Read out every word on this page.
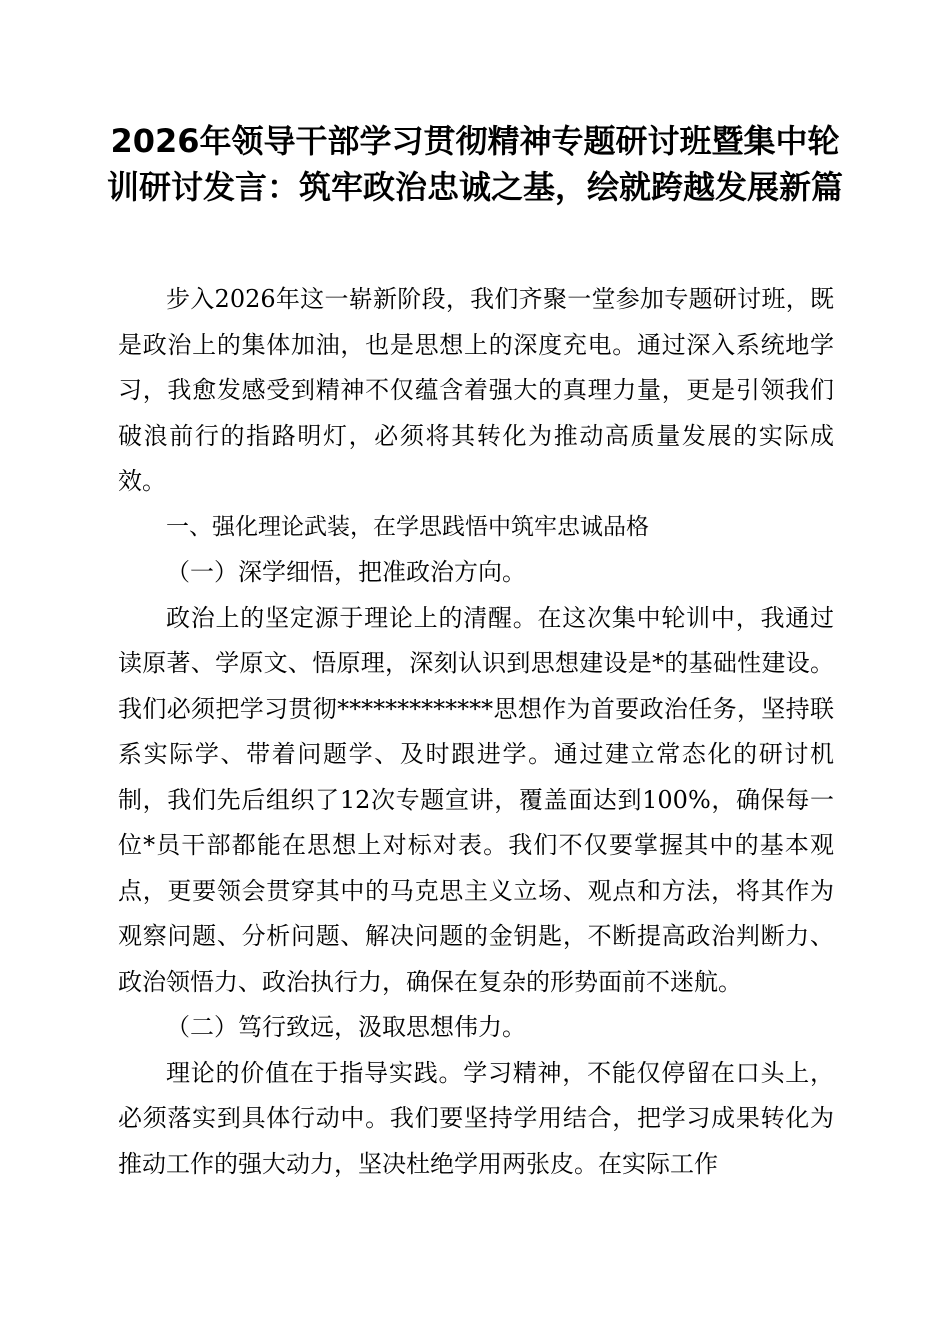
2026年领导干部学习贯彻精神专题研讨班暨集中轮训研讨发言：筑牢政治忠诚之基，绘就跨越发展新篇

步入2026年这一崭新阶段，我们齐聚一堂参加专题研讨班，既是政治上的集体加油，也是思想上的深度充电。通过深入系统地学习，我愈发感受到精神不仅蕴含着强大的真理力量，更是引领我们破浪前行的指路明灯，必须将其转化为推动高质量发展的实际成效。

一、强化理论武装，在学思践悟中筑牢忠诚品格

（一）深学细悟，把准政治方向。

政治上的坚定源于理论上的清醒。在这次集中轮训中，我通过读原著、学原文、悟原理，深刻认识到思想建设是*的基础性建设。我们必须把学习贯彻*************思想作为首要政治任务，坚持联系实际学、带着问题学、及时跟进学。通过建立常态化的研讨机制，我们先后组织了12次专题宣讲，覆盖面达到100%，确保每一位*员干部都能在思想上对标对表。我们不仅要掌握其中的基本观点，更要领会贯穿其中的马克思主义立场、观点和方法，将其作为观察问题、分析问题、解决问题的金钥匙，不断提高政治判断力、政治领悟力、政治执行力，确保在复杂的形势面前不迷航。

（二）笃行致远，汲取思想伟力。

理论的价值在于指导实践。学习精神，不能仅停留在口头上，必须落实到具体行动中。我们要坚持学用结合，把学习成果转化为推动工作的强大动力，坚决杜绝学用两张皮。在实际工作
